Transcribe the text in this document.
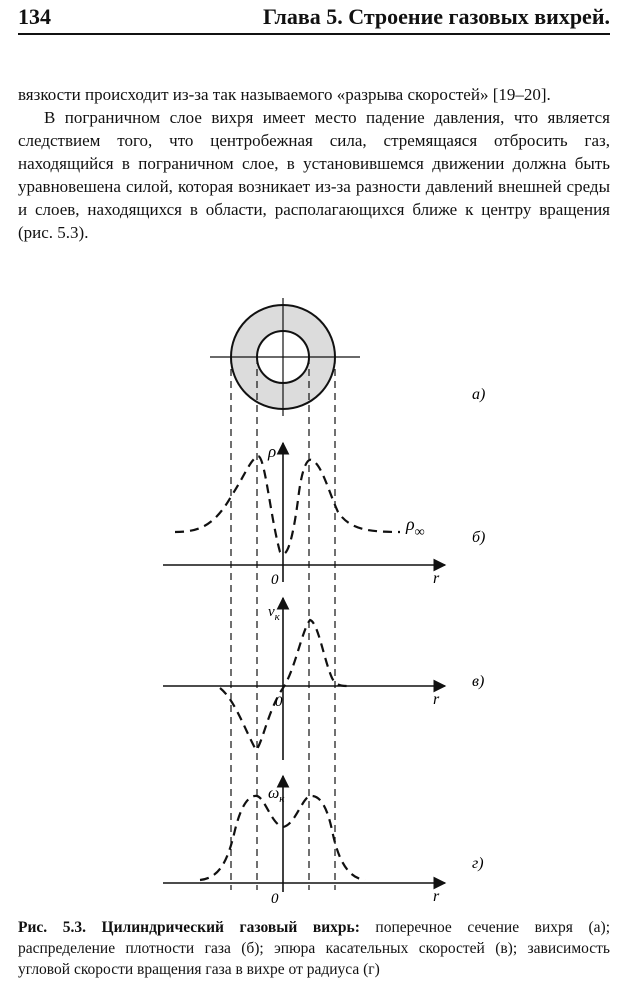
134	Глава 5. Строение газовых вихрей.

вязкости происходит из-за так называемого «разрыва скоростей» [19–20].

В пограничном слое вихря имеет место падение давления, что является следствием того, что центробежная сила, стремящаяся отбросить газ, находящийся в пограничном слое, в установившемся движении должна быть уравновешена силой, которая возникает из-за разности давлений внешней среды и слоев, находящихся в области, располагающихся ближе к центру вращения (рис. 5.3).

а)
ρ
$\rho_\infty$
0	r
б)
$v_к$
0	r
в)
$\omega_к$
0	r
г)
Рис. 5.3. Цилиндрический газовый вихрь: поперечное сечение вихря (а); распределение плотности газа (б); эпюра касательных скоростей (в); зависимость угловой скорости вращения газа в вихре от радиуса (г)
